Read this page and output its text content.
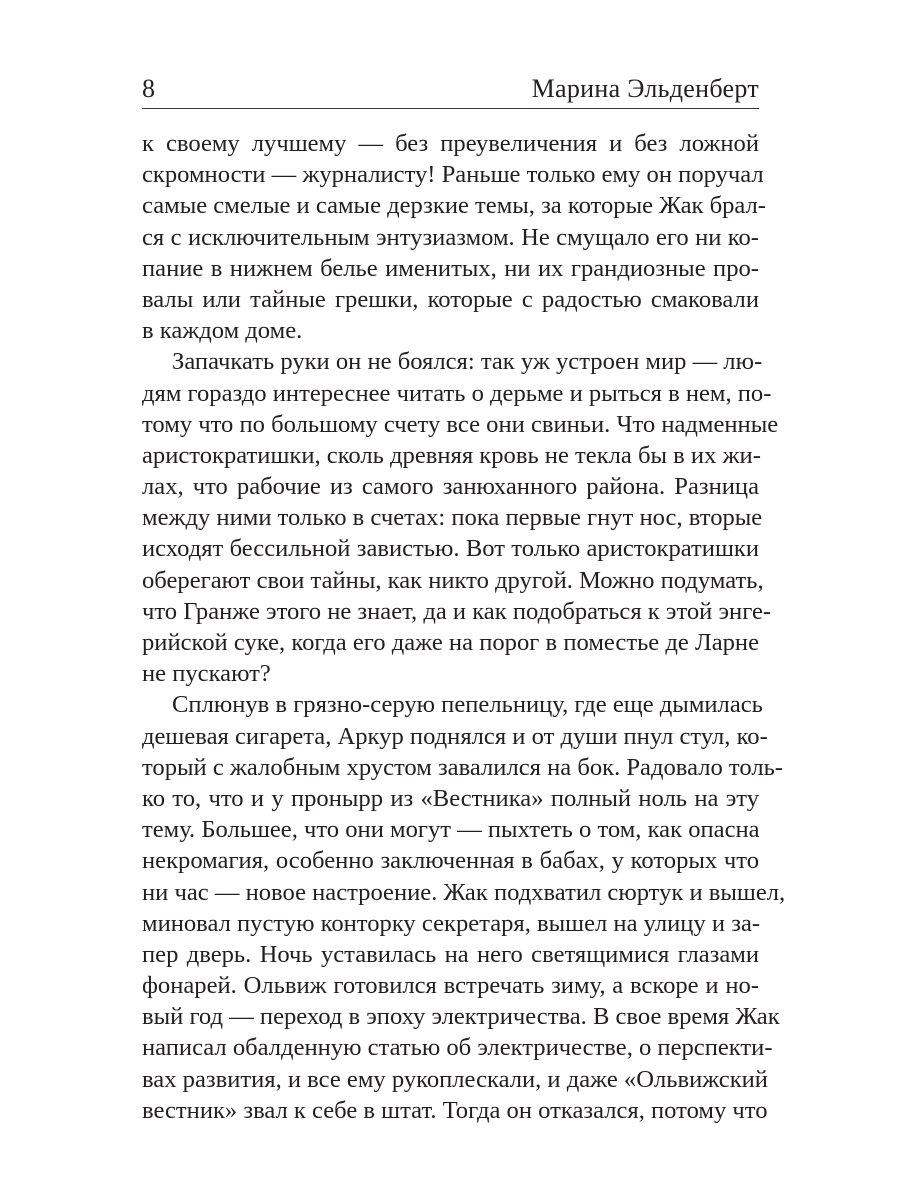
8	Марина Эльденберт
к своему лучшему — без преувеличения и без ложной
скромности — журналисту! Раньше только ему он поручал
самые смелые и самые дерзкие темы, за которые Жак брал-
ся с исключительным энтузиазмом. Не смущало его ни ко-
пание в нижнем белье именитых, ни их грандиозные про-
валы или тайные грешки, которые с радостью смаковали
в каждом доме.
Запачкать руки он не боялся: так уж устроен мир — лю-
дям гораздо интереснее читать о дерьме и рыться в нем, по-
тому что по большому счету все они свиньи. Что надменные
аристократишки, сколь древняя кровь не текла бы в их жи-
лах, что рабочие из самого занюханного района. Разница
между ними только в счетах: пока первые гнут нос, вторые
исходят бессильной завистью. Вот только аристократишки
оберегают свои тайны, как никто другой. Можно подумать,
что Гранже этого не знает, да и как подобраться к этой энге-
рийской суке, когда его даже на порог в поместье де Ларне
не пускают?
Сплюнув в грязно-серую пепельницу, где еще дымилась
дешевая сигарета, Аркур поднялся и от души пнул стул, ко-
торый с жалобным хрустом завалился на бок. Радовало толь-
ко то, что и у пронырр из «Вестника» полный ноль на эту
тему. Большее, что они могут — пыхтеть о том, как опасна
некромагия, особенно заключенная в бабах, у которых что
ни час — новое настроение. Жак подхватил сюртук и вышел,
миновал пустую конторку секретаря, вышел на улицу и за-
пер дверь. Ночь уставилась на него светящимися глазами
фонарей. Ольвиж готовился встречать зиму, а вскоре и но-
вый год — переход в эпоху электричества. В свое время Жак
написал обалденную статью об электричестве, о перспекти-
вах развития, и все ему рукоплескали, и даже «Ольвижский
вестник» звал к себе в штат. Тогда он отказался, потому что
